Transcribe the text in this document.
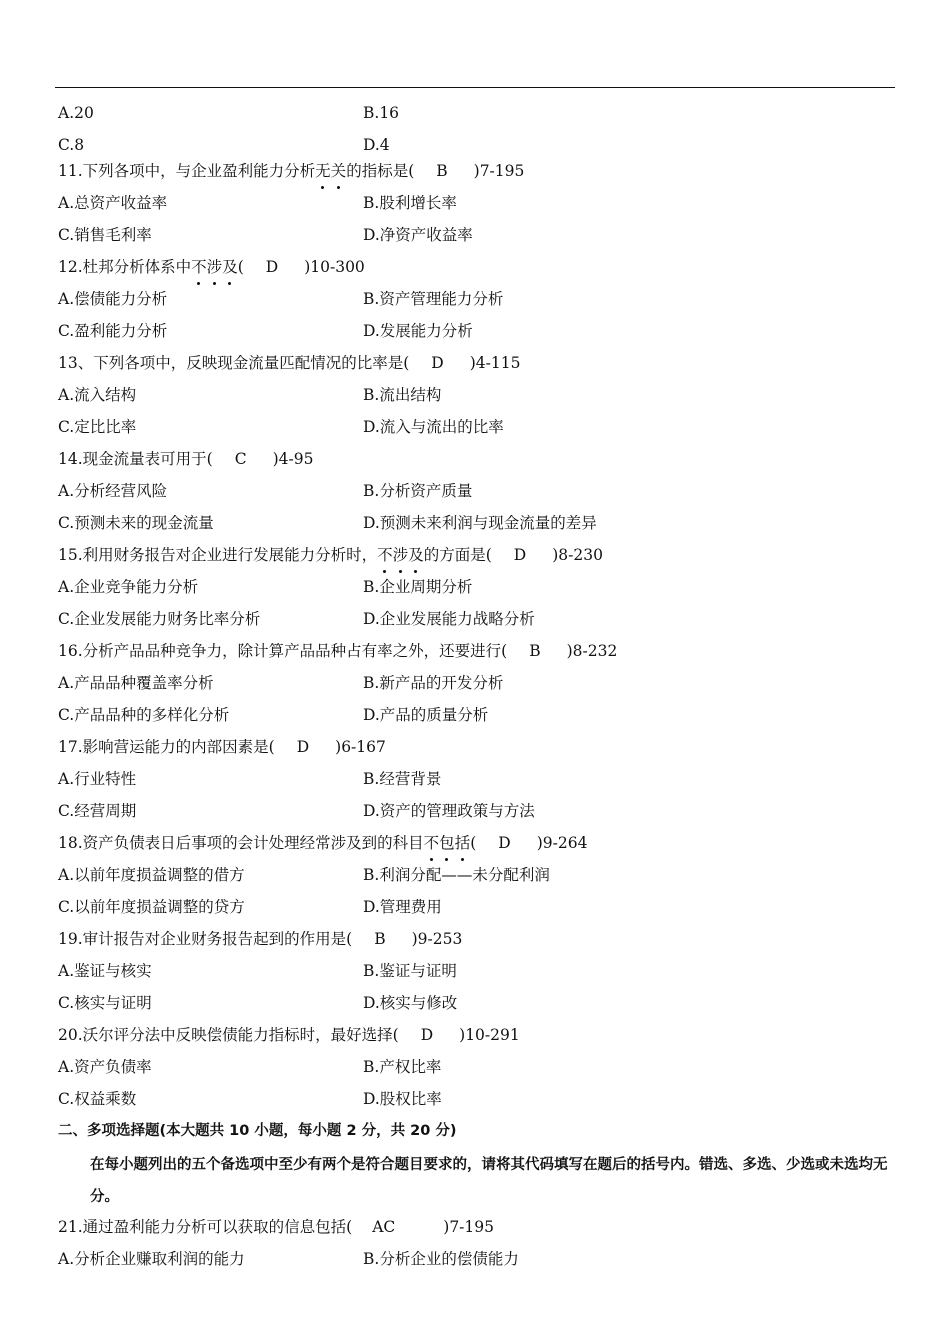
A.20	B.16
C.8	D.4
11.下列各项中，与企业盈利能力分析无关的指标是( B )7-195
A.总资产收益率	B.股利增长率
C.销售毛利率	D.净资产收益率
12.杜邦分析体系中不涉及( D )10-300
A.偿债能力分析	B.资产管理能力分析
C.盈利能力分析	D.发展能力分析
13、下列各项中，反映现金流量匹配情况的比率是( D )4-115
A.流入结构	B.流出结构
C.定比比率	D.流入与流出的比率
14.现金流量表可用于( C )4-95
A.分析经营风险	B.分析资产质量
C.预测未来的现金流量	D.预测未来利润与现金流量的差异
15.利用财务报告对企业进行发展能力分析时，不涉及的方面是( D )8-230
A.企业竞争能力分析	B.企业周期分析
C.企业发展能力财务比率分析	D.企业发展能力战略分析
16.分析产品品种竞争力，除计算产品品种占有率之外，还要进行( B )8-232
A.产品品种覆盖率分析	B.新产品的开发分析
C.产品品种的多样化分析	D.产品的质量分析
17.影响营运能力的内部因素是( D )6-167
A.行业特性	B.经营背景
C.经营周期	D.资产的管理政策与方法
18.资产负债表日后事项的会计处理经常涉及到的科目不包括( D )9-264
A.以前年度损益调整的借方	B.利润分配——未分配利润
C.以前年度损益调整的贷方	D.管理费用
19.审计报告对企业财务报告起到的作用是( B )9-253
A.鉴证与核实	B.鉴证与证明
C.核实与证明	D.核实与修改
20.沃尔评分法中反映偿债能力指标时，最好选择( D )10-291
A.资产负债率	B.产权比率
C.权益乘数	D.股权比率
二、多项选择题(本大题共 10 小题，每小题 2 分，共 20 分)
在每小题列出的五个备选项中至少有两个是符合题目要求的，请将其代码填写在题后的括号内。错选、多选、少选或未选均无分。
21.通过盈利能力分析可以获取的信息包括( AC	)7-195
A.分析企业赚取利润的能力	B.分析企业的偿债能力
